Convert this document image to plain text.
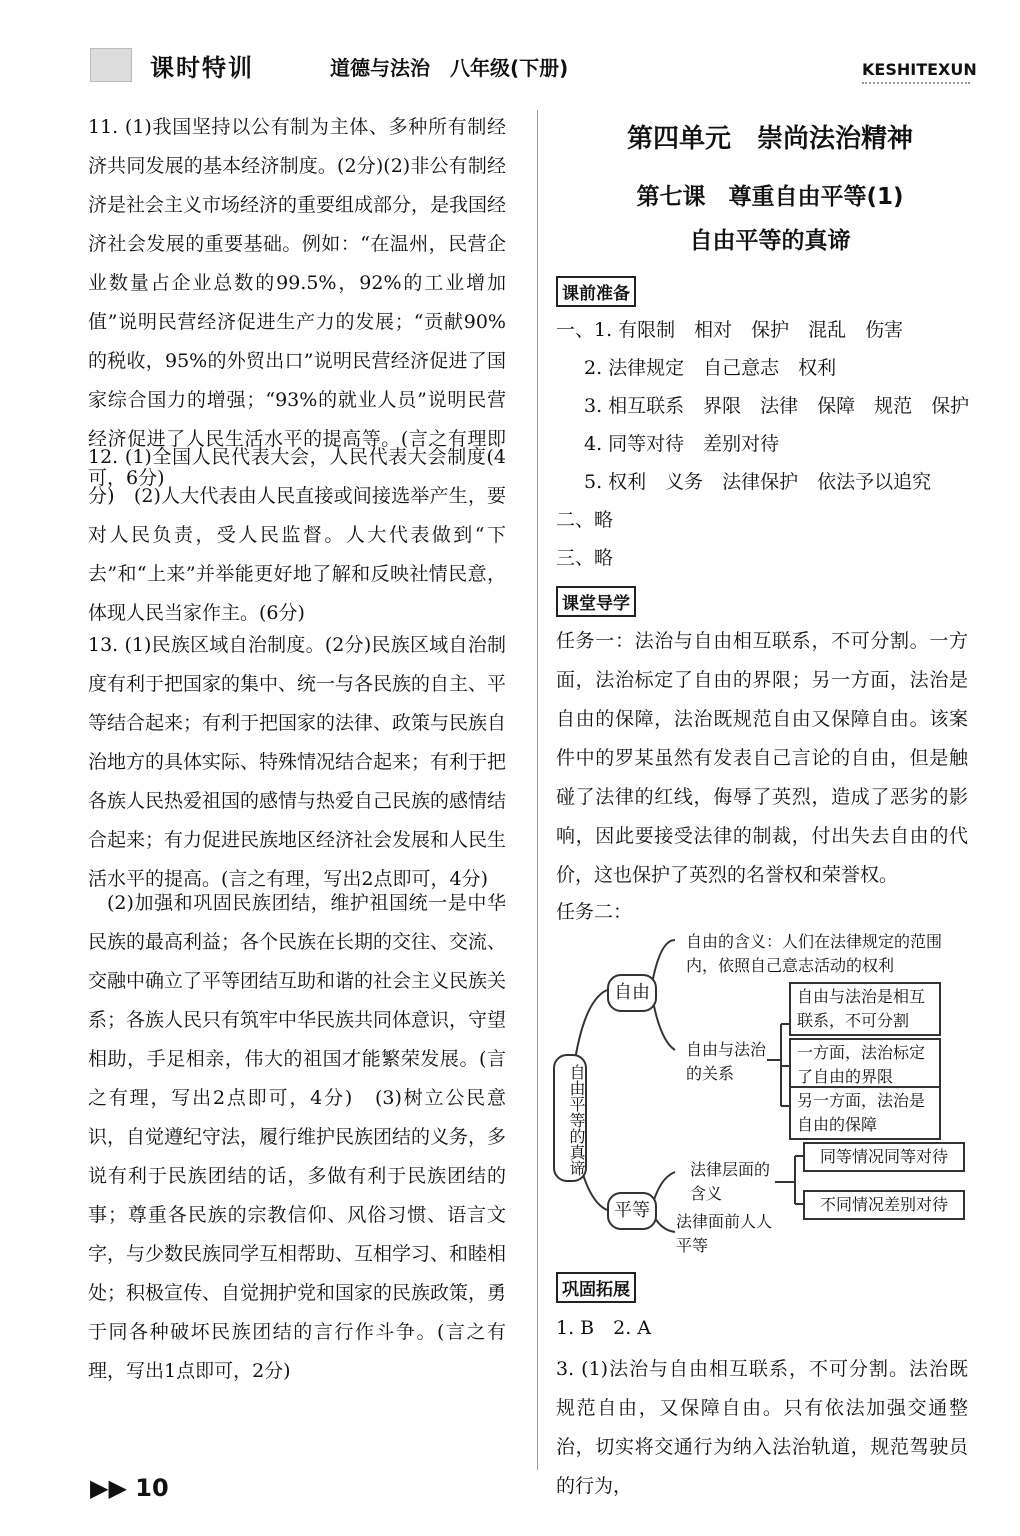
课时特训	道德与法治　八年级(下册)	KESHITEXUN
11. (1)我国坚持以公有制为主体、多种所有制经济共同发展的基本经济制度。(2分)(2)非公有制经济是社会主义市场经济的重要组成部分，是我国经济社会发展的重要基础。例如：“在温州，民营企业数量占企业总数的99.5%，92%的工业增加值”说明民营经济促进生产力的发展；“贡献90%的税收，95%的外贸出口”说明民营经济促进了国家综合国力的增强；“93%的就业人员”说明民营经济促进了人民生活水平的提高等。(言之有理即可，6分)
12. (1)全国人民代表大会，人民代表大会制度(4分)　(2)人大代表由人民直接或间接选举产生，要对人民负责，受人民监督。人大代表做到“下去”和“上来”并举能更好地了解和反映社情民意，体现人民当家作主。(6分)
13. (1)民族区域自治制度。(2分)民族区域自治制度有利于把国家的集中、统一与各民族的自主、平等结合起来；有利于把国家的法律、政策与民族自治地方的具体实际、特殊情况结合起来；有利于把各族人民热爱祖国的感情与热爱自己民族的感情结合起来；有力促进民族地区经济社会发展和人民生活水平的提高。(言之有理，写出2点即可，4分)
(2)加强和巩固民族团结，维护祖国统一是中华民族的最高利益；各个民族在长期的交往、交流、交融中确立了平等团结互助和谐的社会主义民族关系；各族人民只有筑牢中华民族共同体意识，守望相助，手足相亲，伟大的祖国才能繁荣发展。(言之有理，写出2点即可，4分)　(3)树立公民意识，自觉遵纪守法，履行维护民族团结的义务，多说有利于民族团结的话，多做有利于民族团结的事；尊重各民族的宗教信仰、风俗习惯、语言文字，与少数民族同学互相帮助、互相学习、和睦相处；积极宣传、自觉拥护党和国家的民族政策，勇于同各种破坏民族团结的言行作斗争。(言之有理，写出1点即可，2分)
第四单元　崇尚法治精神
第七课　尊重自由平等(1)
自由平等的真谛
课前准备
一、1. 有限制　相对　保护　混乱　伤害
2. 法律规定　自己意志　权利
3. 相互联系　界限　法律　保障　规范　保护
4. 同等对待　差别对待
5. 权利　义务　法律保护　依法予以追究
二、略
三、略
课堂导学
任务一：法治与自由相互联系，不可分割。一方面，法治标定了自由的界限；另一方面，法治是自由的保障，法治既规范自由又保障自由。该案件中的罗某虽然有发表自己言论的自由，但是触碰了法律的红线，侮辱了英烈，造成了恶劣的影响，因此要接受法律的制裁，付出失去自由的代价，这也保护了英烈的名誉权和荣誉权。
任务二：
自由平等的真谛
自由
平等
自由的含义：人们在法律规定的范围内，依照自己意志活动的权利
自由与法治的关系
自由与法治是相互联系，不可分割
一方面，法治标定了自由的界限
法律层面的含义
法律面前人人平等
同等情况同等对待
不同情况差别对待
巩固拓展
1. B　2. A
3. (1)法治与自由相互联系，不可分割。法治既规范自由，又保障自由。只有依法加强交通整治，切实将交通行为纳入法治轨道，规范驾驶员的行为，
▶▶ 10
另一方面，法治是自由的保障
